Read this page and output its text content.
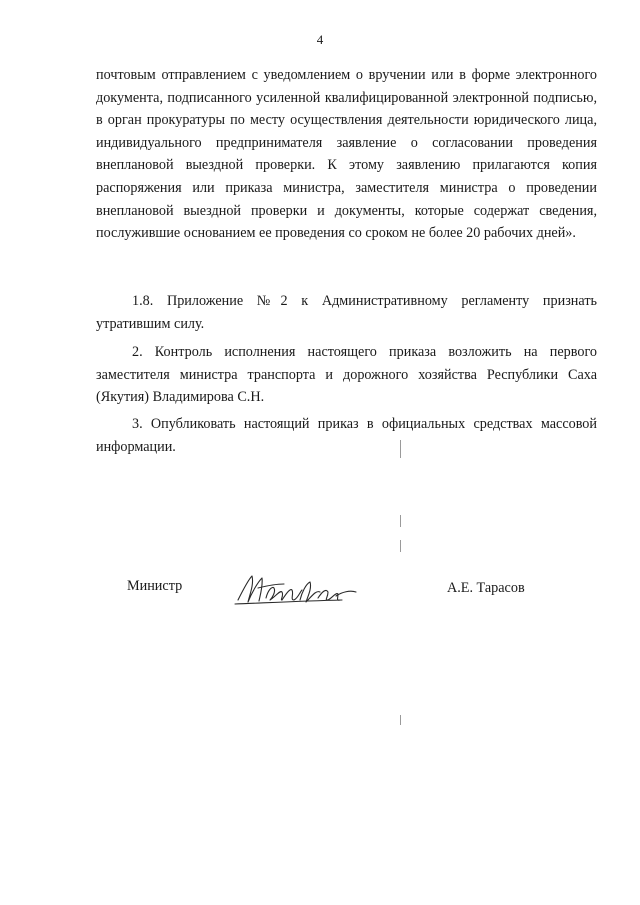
4

почтовым отправлением с уведомлением о вручении или в форме электронного документа, подписанного усиленной квалифицированной электронной подписью, в орган прокуратуры по месту осуществления деятельности юридического лица, индивидуального предпринимателя заявление о согласовании проведения внеплановой выездной проверки. К этому заявлению прилагаются копия распоряжения или приказа министра, заместителя министра о проведении внеплановой выездной проверки и документы, которые содержат сведения, послужившие основанием ее проведения со сроком не более 20 рабочих дней».

1.8. Приложение №2 к Административному регламенту признать утратившим силу.

2. Контроль исполнения настоящего приказа возложить на первого заместителя министра транспорта и дорожного хозяйства Республики Саха (Якутия) Владимирова С.Н.

3. Опубликовать настоящий приказ в официальных средствах массовой информации.

Министр	А.Е. Тарасов
